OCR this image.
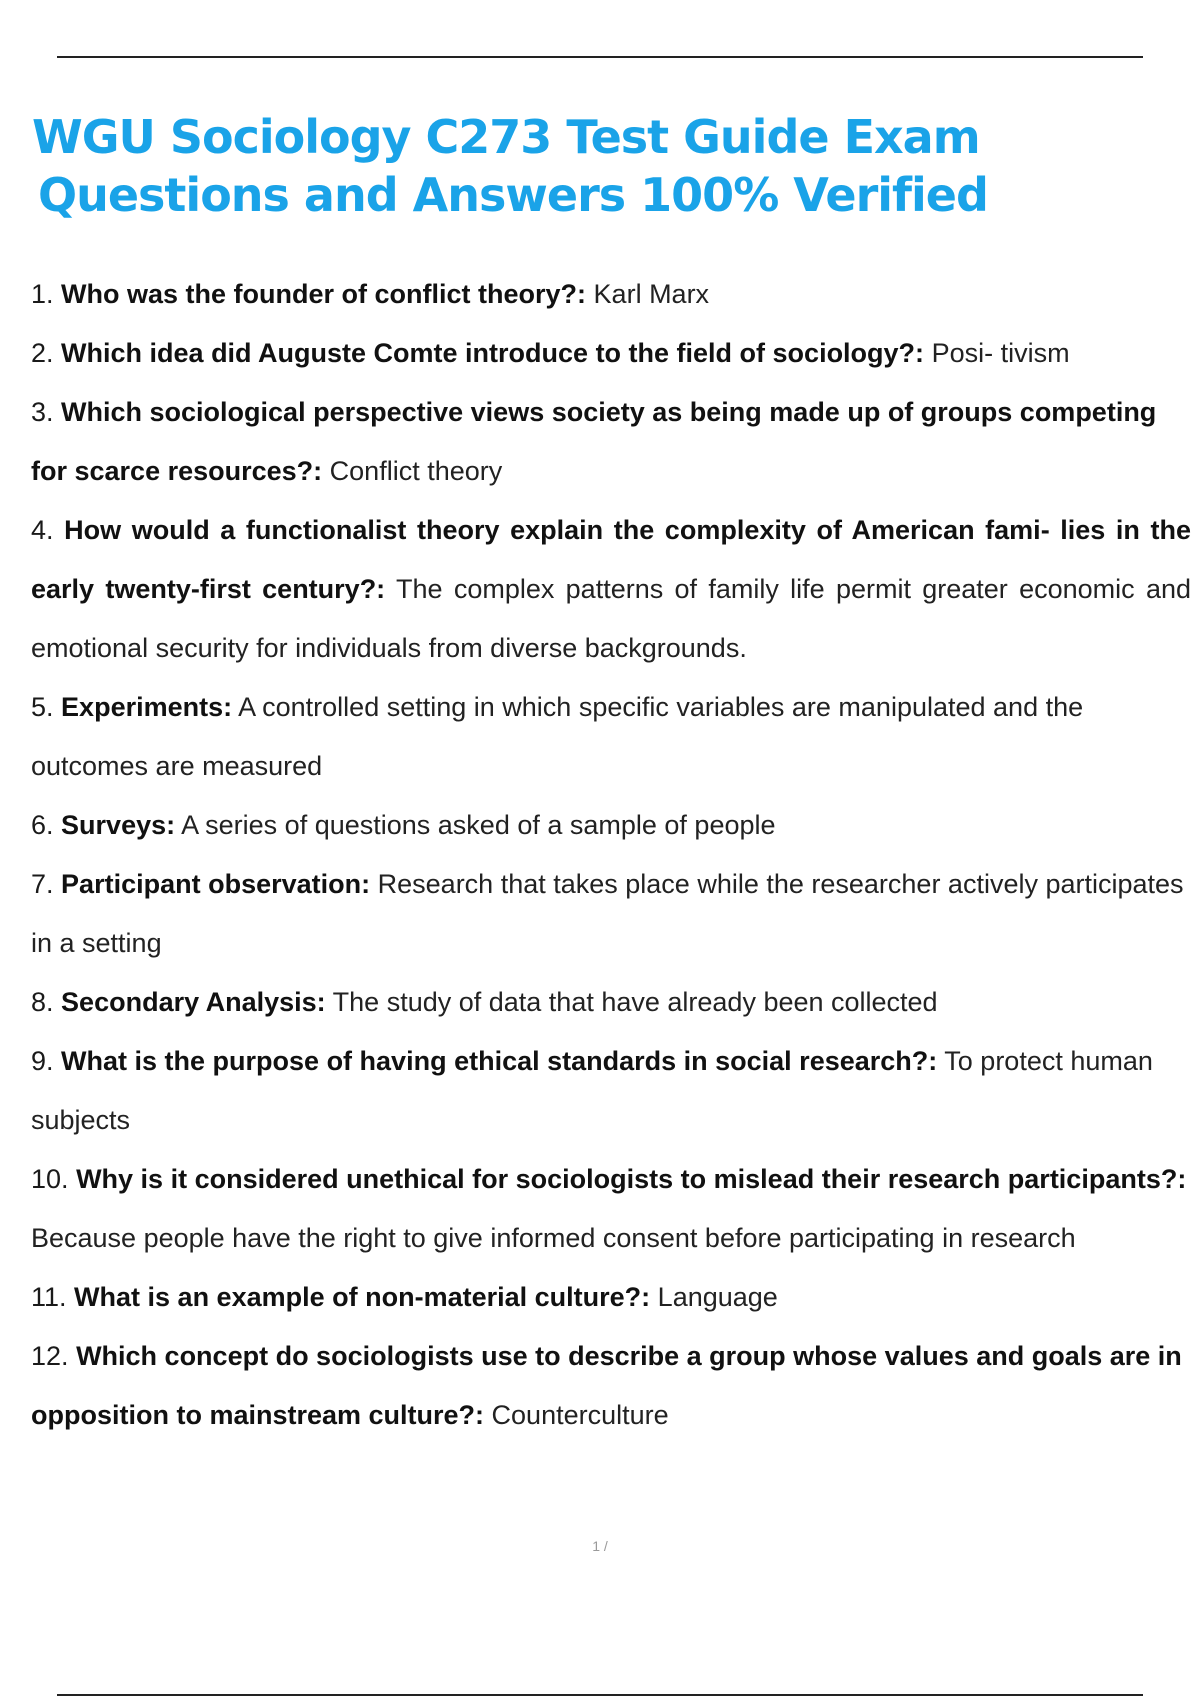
WGU Sociology C273 Test Guide Exam
Questions and Answers 100% Verified
1. Who was the founder of conflict theory?: Karl Marx
2. Which idea did Auguste Comte introduce to the field of sociology?: Posi- tivism
3. Which sociological perspective views society as being made up of groups competing for scarce resources?: Conflict theory
4. How would a functionalist theory explain the complexity of American fami- lies in the early twenty-first century?: The complex patterns of family life permit greater economic and emotional security for individuals from diverse backgrounds.
5. Experiments: A controlled setting in which specific variables are manipulated and the outcomes are measured
6. Surveys: A series of questions asked of a sample of people
7. Participant observation: Research that takes place while the researcher actively participates in a setting
8. Secondary Analysis: The study of data that have already been collected
9. What is the purpose of having ethical standards in social research?: To protect human subjects
10. Why is it considered unethical for sociologists to mislead their research participants?: Because people have the right to give informed consent before participating in research
11. What is an example of non-material culture?: Language
12. Which concept do sociologists use to describe a group whose values and goals are in opposition to mainstream culture?: Counterculture
1 /
